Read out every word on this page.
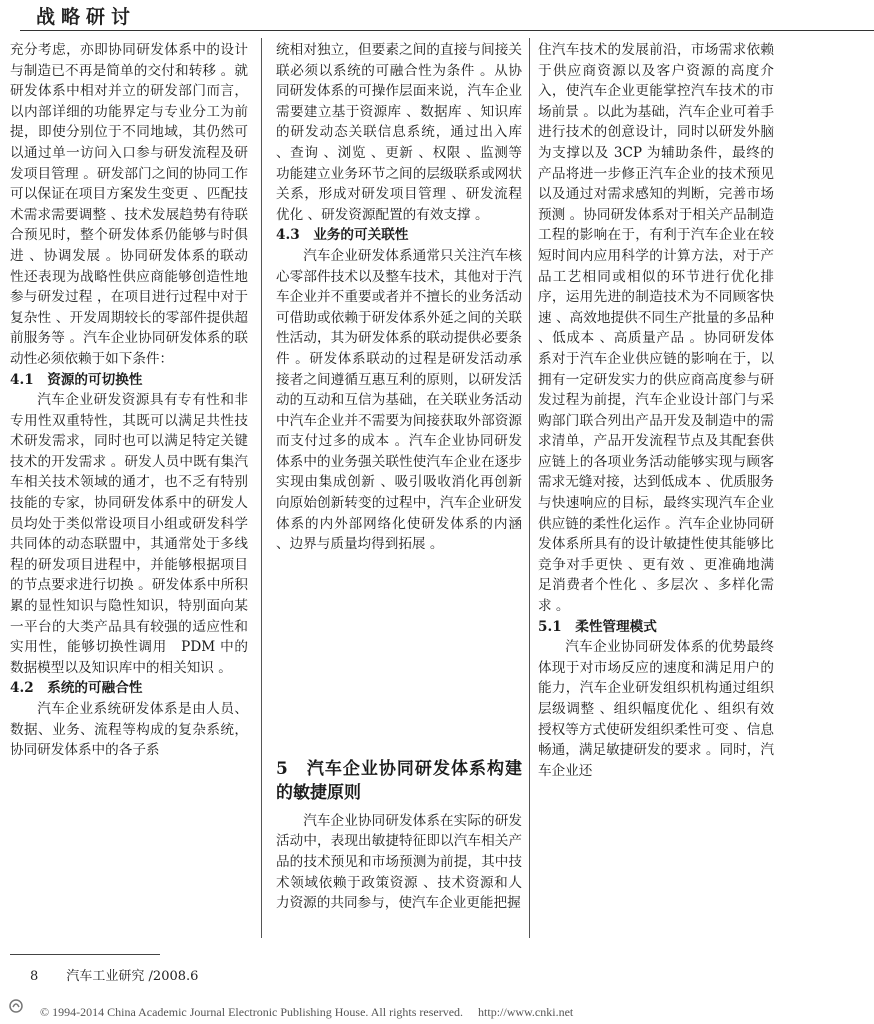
战略研讨

充分考虑，亦即协同研发体系中的设计与制造已不再是简单的交付和转移 。就研发体系中相对并立的研发部门而言，以内部详细的功能界定与专业分工为前提，即使分别位于不同地域，其仍然可以通过单一访问入口参与研发流程及研发项目管理 。研发部门之间的协同工作可以保证在项目方案发生变更 、匹配技术需求需要调整 、技术发展趋势有待联合预见时，整个研发体系仍能够与时俱进 、协调发展 。协同研发体系的联动性还表现为战略性供应商能够创造性地参与研发过程 ，在项目进行过程中对于复杂性 、开发周期较长的零部件提供超前服务等 。汽车企业协同研发体系的联动性必须依赖于如下条件：

4.1　资源的可切换性

汽车企业研发资源具有专有性和非专用性双重特性，其既可以满足共性技术研发需求，同时也可以满足特定关键技术的开发需求 。研发人员中既有集汽车相关技术领域的通才，也不乏有特别技能的专家，协同研发体系中的研发人员均处于类似常设项目小组或研发科学共同体的动态联盟中，其通常处于多线程的研发项目进程中，并能够根据项目的节点要求进行切换 。研发体系中所积累的显性知识与隐性知识，特别面向某一平台的大类产品具有较强的适应性和实用性，能够切换性调用　PDM 中的数据模型以及知识库中的相关知识 。

4.2　系统的可融合性

汽车企业系统研发体系是由人员、数据、业务、流程等构成的复杂系统，协同研发体系中的各子系

统相对独立，但要素之间的直接与间接关联必须以系统的可融合性为条件 。从协同研发体系的可操作层面来说，汽车企业需要建立基于资源库 、数据库 、知识库的研发动态关联信息系统，通过出入库 、查询 、浏览 、更新 、权限 、监测等功能建立业务环节之间的层级联系或网状关系，形成对研发项目管理 、研发流程优化 、研发资源配置的有效支撑 。

4.3　业务的可关联性

汽车企业研发体系通常只关注汽车核心零部件技术以及整车技术，其他对于汽车企业并不重要或者并不擅长的业务活动可借助或依赖于研发体系外延之间的关联性活动，其为研发体系的联动提供必要条件 。研发体系联动的过程是研发活动承接者之间遵循互惠互利的原则，以研发活动的互动和互信为基础，在关联业务活动中汽车企业并不需要为间接获取外部资源而支付过多的成本 。汽车企业协同研发体系中的业务强关联性使汽车企业在逐步实现由集成创新 、吸引吸收消化再创新向原始创新转变的过程中，汽车企业研发体系的内外部网络化使研发体系的内涵 、边界与质量均得到拓展 。

5　汽车企业协同研发体系构建的敏捷原则

汽车企业协同研发体系在实际的研发活动中，表现出敏捷特征即以汽车相关产品的技术预见和市场预测为前提，其中技术领域依赖于政策资源 、技术资源和人力资源的共同参与，使汽车企业更能把握

住汽车技术的发展前沿，市场需求依赖于供应商资源以及客户资源的高度介入，使汽车企业更能掌控汽车技术的市场前景 。以此为基础，汽车企业可着手进行技术的创意设计，同时以研发外脑为支撑以及 3CP 为辅助条件，最终的产品将进一步修正汽车企业的技术预见以及通过对需求感知的判断，完善市场预测 。协同研发体系对于相关产品制造工程的影响在于，有利于汽车企业在较短时间内应用科学的计算方法，对于产品工艺相同或相似的环节进行优化排序，运用先进的制造技术为不同顾客快速 、高效地提供不同生产批量的多品种 、低成本 、高质量产品 。协同研发体系对于汽车企业供应链的影响在于，以拥有一定研发实力的供应商高度参与研发过程为前提，汽车企业设计部门与采购部门联合列出产品开发及制造中的需求清单，产品开发流程节点及其配套供应链上的各项业务活动能够实现与顾客需求无缝对接，达到低成本 、优质服务与快速响应的目标，最终实现汽车企业供应链的柔性化运作 。汽车企业协同研发体系所具有的设计敏捷性使其能够比竞争对手更快 、更有效 、更准确地满足消费者个性化 、多层次 、多样化需求 。

5.1　柔性管理模式

汽车企业协同研发体系的优势最终体现于对市场反应的速度和满足用户的能力，汽车企业研发组织机构通过组织层级调整 、组织幅度优化 、组织有效授权等方式使研发组织柔性可变 、信息畅通，满足敏捷研发的要求 。同时，汽车企业还

8 汽车工业研究 /2008.6
© 1994-2014 China Academic Journal Electronic Publishing House. All rights reserved.　 http://www.cnki.net
